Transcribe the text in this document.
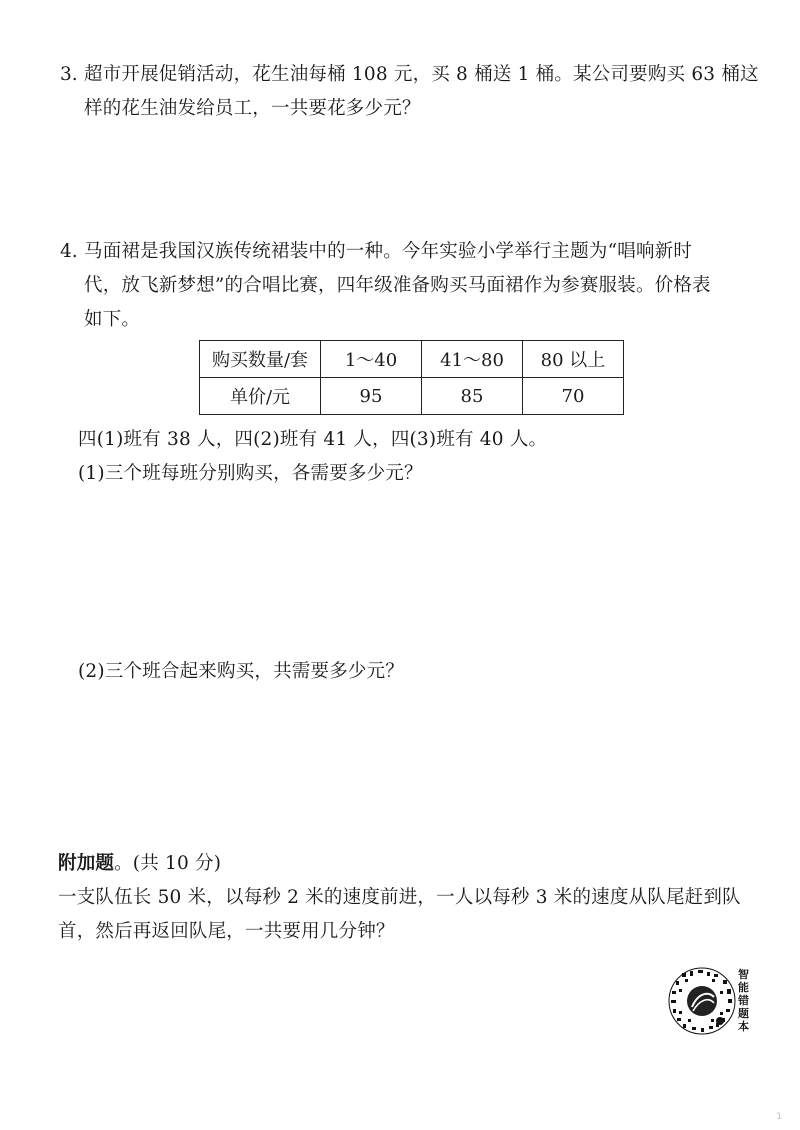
3. 超市开展促销活动，花生油每桶 108 元，买 8 桶送 1 桶。某公司要购买 63 桶这
样的花生油发给员工，一共要花多少元？
4. 马面裙是我国汉族传统裙装中的一种。今年实验小学举行主题为“唱响新时
代，放飞新梦想”的合唱比赛，四年级准备购买马面裙作为参赛服装。价格表
如下。
购买数量/套	1～40	41～80	80 以上
单价/元	95	85	70
四(1)班有 38 人，四(2)班有 41 人，四(3)班有 40 人。
(1)三个班每班分别购买，各需要多少元？
(2)三个班合起来购买，共需要多少元？
附加题。(共 10 分)
一支队伍长 50 米，以每秒 2 米的速度前进，一人以每秒 3 米的速度从队尾赶到队
首，然后再返回队尾，一共要用几分钟？
智能错题本
1
